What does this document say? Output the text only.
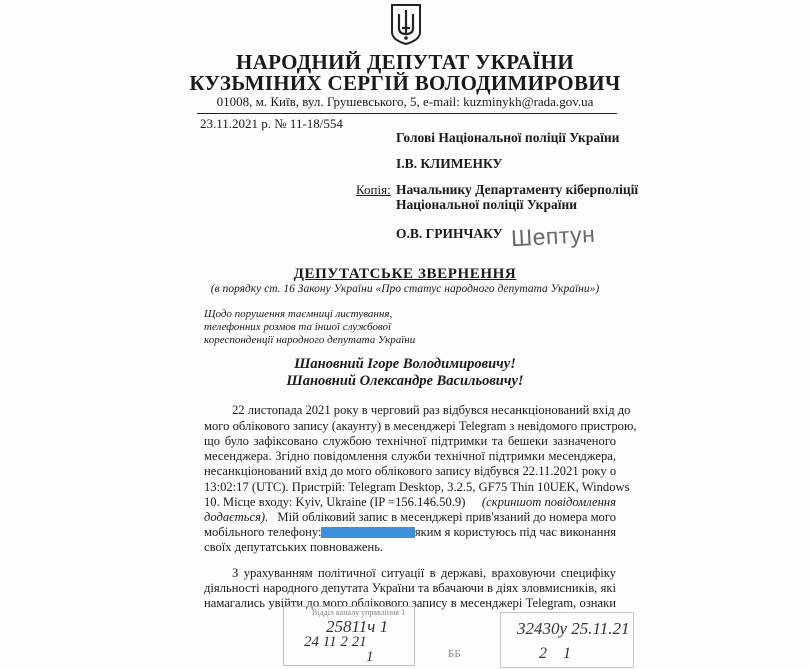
НАРОДНИЙ ДЕПУТАТ УКРАЇНИ
КУЗЬМІНИХ СЕРГІЙ ВОЛОДИМИРОВИЧ
01008, м. Київ, вул. Грушевського, 5, e-mail: kuzminykh@rada.gov.ua
23.11.2021 р. № 11-18/554
Голові Національної поліції України
І.В. КЛИМЕНКУ
Копія: Начальнику Департаменту кіберполіції
Національної поліції України
О.В. ГРИНЧАКУ Шептун
ДЕПУТАТСЬКЕ ЗВЕРНЕННЯ
(в порядку ст. 16 Закону України «Про статус народного депутата України»)
Щодо порушення таємниці листування,
телефонних розмов та іншої службової
кореспонденції народного депутата України
Шановний Ігоре Володимировичу!
Шановний Олександре Васильовичу!
22 листопада 2021 року в черговий раз відбувся несанкціонований вхід до
мого облікового запису (акаунту) в месенджері Telegram з невідомого пристрою,
що було зафіксовано службою технічної підтримки та бешеки зазначеного
месенджера. Згідно повідомлення служби технічної підтримки месенджера,
несанкціонований вхід до мого облікового запису відбувся 22.11.2021 року о
13:02:17 (UTC). Пристрій: Telegram Desktop, 3.2.5, GF75 Thin 10UEK, Windows
10. Місце входу: Kyiv, Ukraine (IP =156.146.50.9) (скриншот повідомлення
додається). Мій обліковий запис в месенджері прив'язаний до номера мого
мобільного телефону:	яким я користуюсь під час виконання
своїх депутатських повноважень.
З урахуванням політичної ситуації в державі, враховуючи специфіку
діяльності народного депутата України та вбачаючи в діях зловмисників, які
намагались увійти до мого облікового запису в месенджері Telegram, ознаки
Відділ каналу управління 1
25811ч 1
24 11 2 21
1	ББ
32430у 25.11.21
2    1
